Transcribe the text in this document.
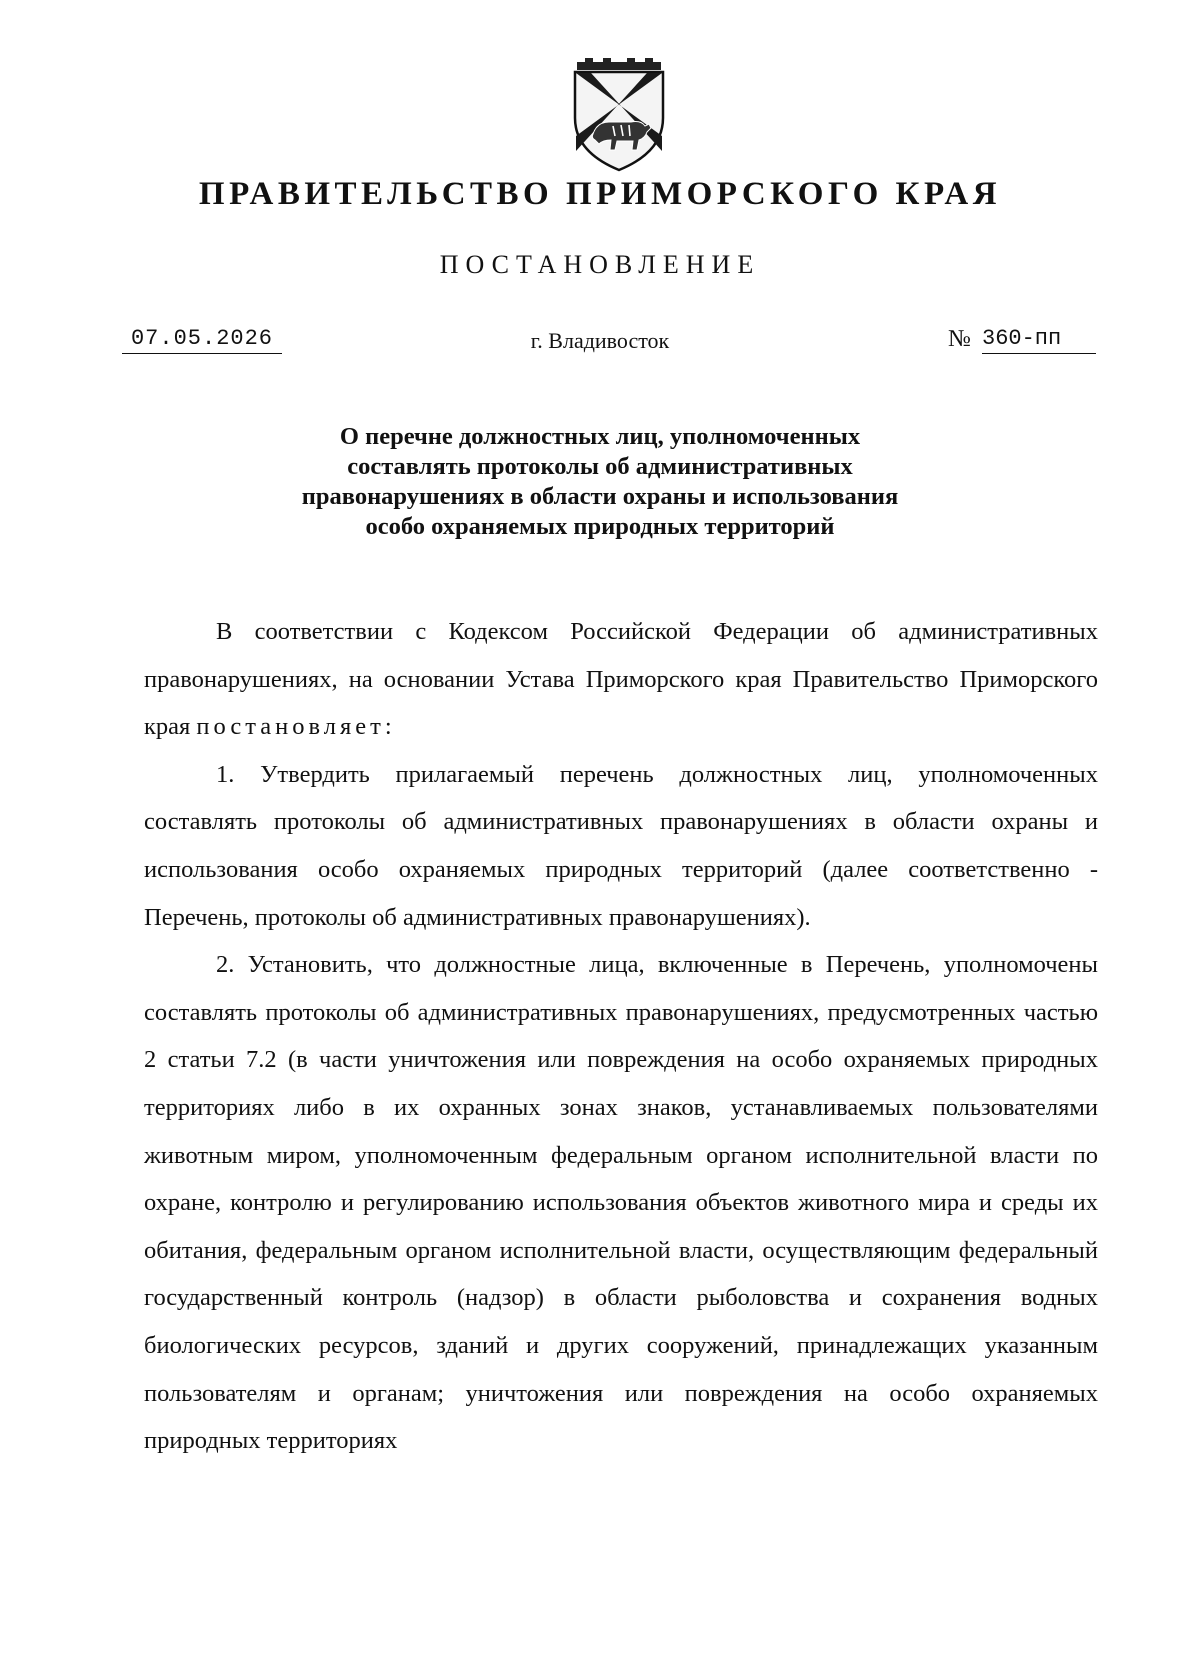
ПРАВИТЕЛЬСТВО ПРИМОРСКОГО КРАЯ
ПОСТАНОВЛЕНИЕ
07.05.2026	г. Владивосток	№ 360-пп
О перечне должностных лиц, уполномоченных
составлять протоколы об административных
правонарушениях в области охраны и использования
особо охраняемых природных территорий

В соответствии с Кодексом Российской Федерации об административных правонарушениях, на основании Устава Приморского края Правительство Приморского края постановляет:

1. Утвердить прилагаемый перечень должностных лиц, уполномоченных составлять протоколы об административных правонарушениях в области охраны и использования особо охраняемых природных территорий (далее соответственно - Перечень, протоколы об административных правонарушениях).

2. Установить, что должностные лица, включенные в Перечень, уполномочены составлять протоколы об административных правонарушениях, предусмотренных частью 2 статьи 7.2 (в части уничтожения или повреждения на особо охраняемых природных территориях либо в их охранных зонах знаков, устанавливаемых пользователями животным миром, уполномоченным федеральным органом исполнительной власти по охране, контролю и регулированию использования объектов животного мира и среды их обитания, федеральным органом исполнительной власти, осуществляющим федеральный государственный контроль (надзор) в области рыболовства и сохранения водных биологических ресурсов, зданий и других сооружений, принадлежащих указанным пользователям и органам; уничтожения или повреждения на особо охраняемых природных территориях
